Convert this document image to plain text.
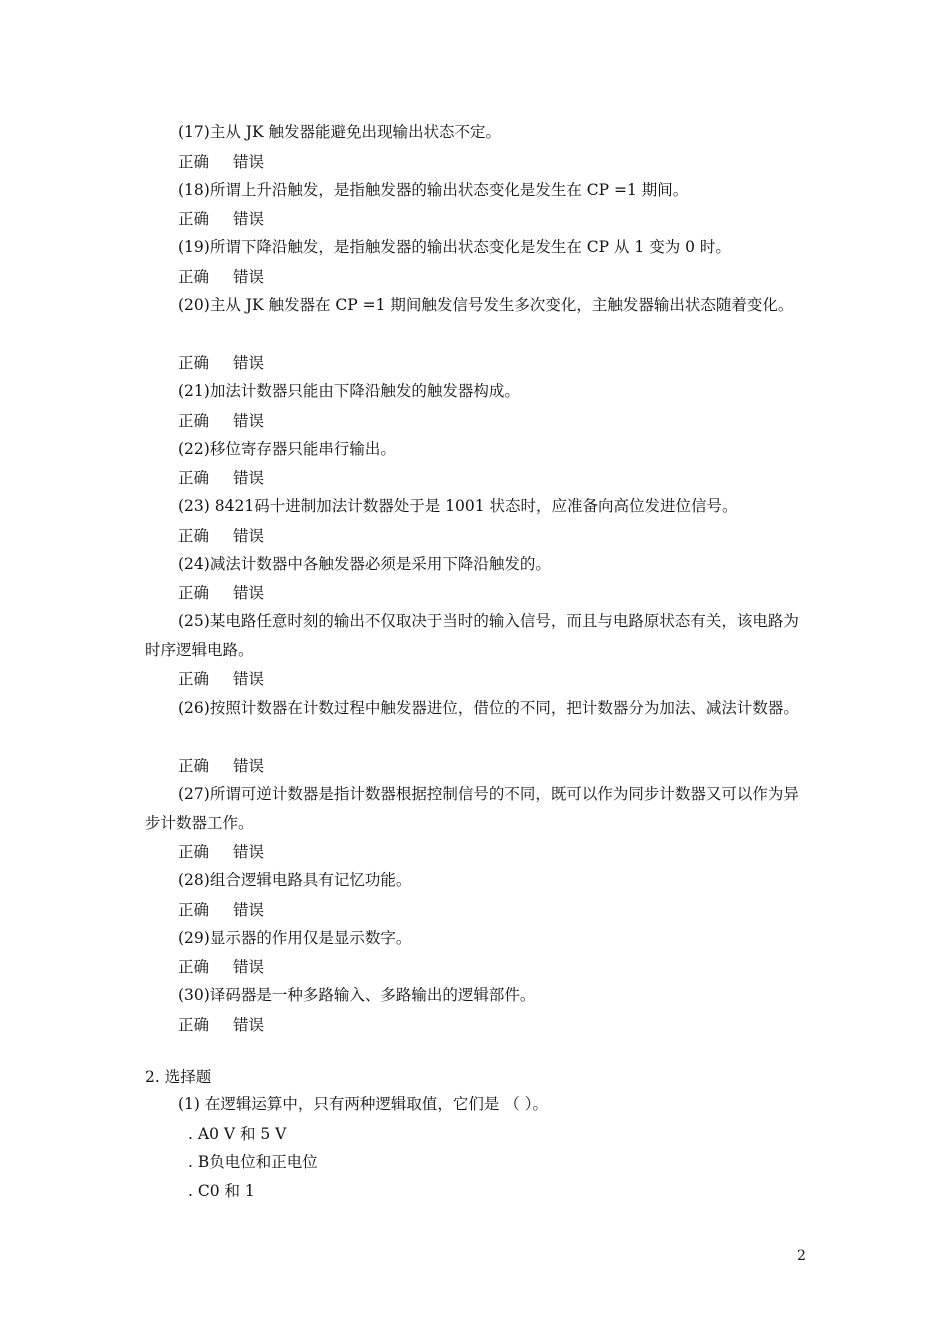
(17)主从 JK 触发器能避免出现输出状态不定。
正确 错误
(18)所谓上升沿触发，是指触发器的输出状态变化是发生在 CP =1 期间。
正确 错误
(19)所谓下降沿触发，是指触发器的输出状态变化是发生在 CP 从 1 变为 0 时。
正确 错误
(20)主从 JK 触发器在 CP =1 期间触发信号发生多次变化，主触发器输出状态随着变化。
正确 错误
(21)加法计数器只能由下降沿触发的触发器构成。
正确 错误
(22)移位寄存器只能串行输出。
正确 错误
(23) 8421码十进制加法计数器处于是 1001 状态时，应准备向高位发进位信号。
正确 错误
(24)减法计数器中各触发器必须是采用下降沿触发的。
正确 错误
(25)某电路任意时刻的输出不仅取决于当时的输入信号，而且与电路原状态有关，该电路为时序逻辑电路。
正确 错误
(26)按照计数器在计数过程中触发器进位，借位的不同，把计数器分为加法、减法计数器。
正确 错误
(27)所谓可逆计数器是指计数器根据控制信号的不同，既可以作为同步计数器又可以作为异步计数器工作。
正确 错误
(28)组合逻辑电路具有记忆功能。
正确 错误
(29)显示器的作用仅是显示数字。
正确 错误
(30)译码器是一种多路输入、多路输出的逻辑部件。
正确 错误
2. 选择题
(1) 在逻辑运算中，只有两种逻辑取值，它们是 （ ）。
. A0 V 和 5 V
. B负电位和正电位
. C0 和 1
2
